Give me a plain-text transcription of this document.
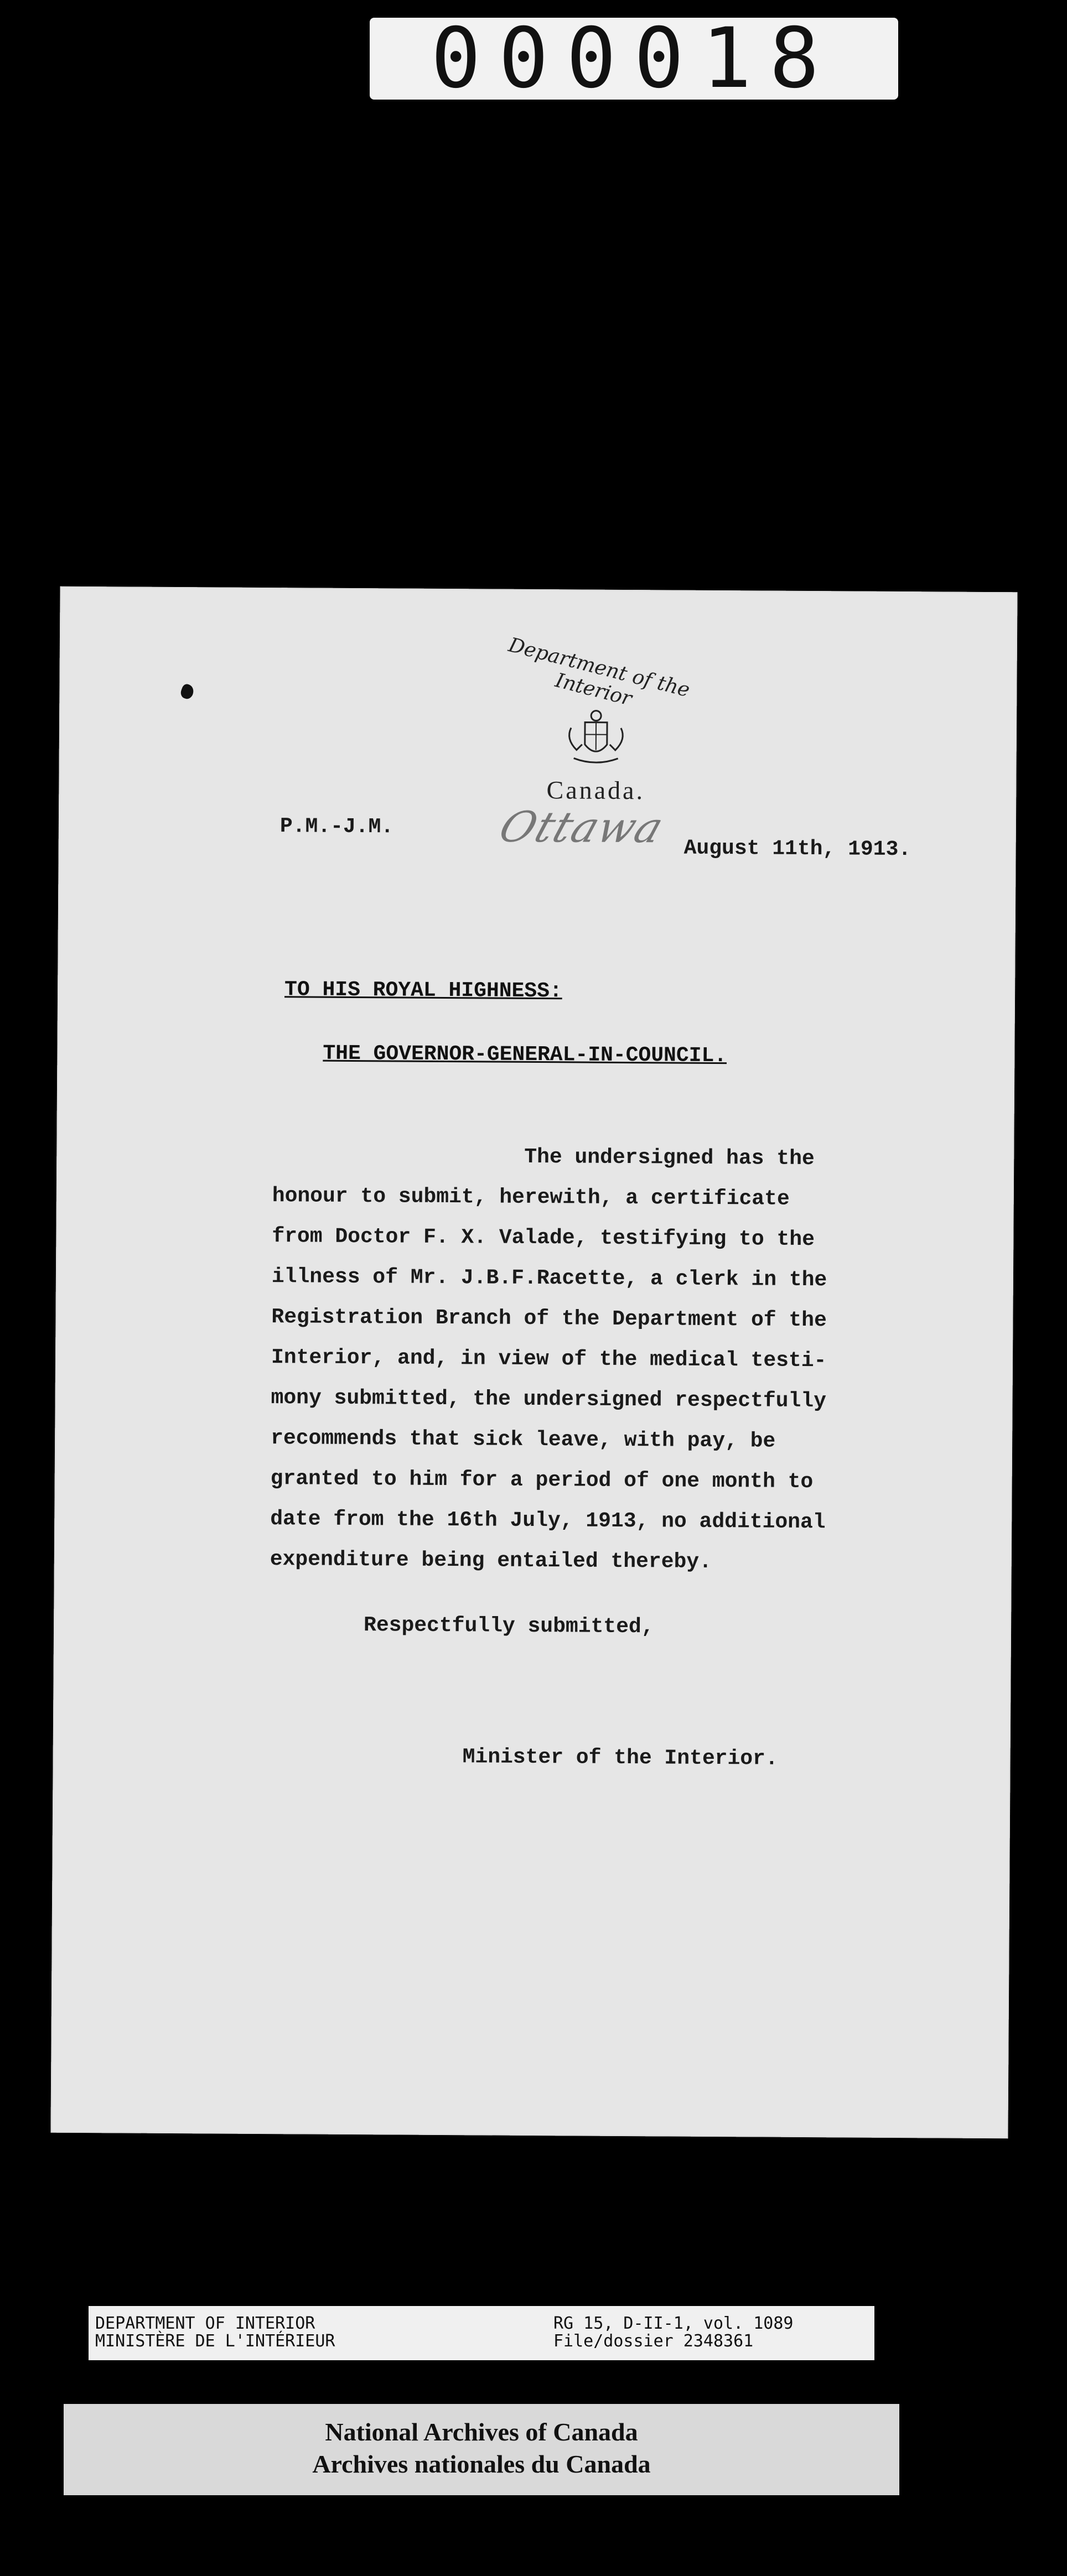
000018
Department of the Interior
Canada.
P.M.-J.M. Ottawa August 11th, 1913.
TO HIS ROYAL HIGHNESS:
THE GOVERNOR-GENERAL-IN-COUNCIL.
The undersigned has the
honour to submit, herewith, a certificate
from Doctor F. X. Valade, testifying to the
illness of Mr. J.B.F.Racette, a clerk in the
Registration Branch of the Department of the
Interior, and, in view of the medical testi-
mony submitted, the undersigned respectfully
recommends that sick leave, with pay, be
granted to him for a period of one month to
date from the 16th July, 1913, no additional
expenditure being entailed thereby.
Respectfully submitted,
Minister of the Interior.
DEPARTMENT OF INTERIOR
MINISTÈRE DE L'INTÉRIEUR
RG 15, D-II-1, vol. 1089
File/dossier 2348361
National Archives of Canada
Archives nationales du Canada
